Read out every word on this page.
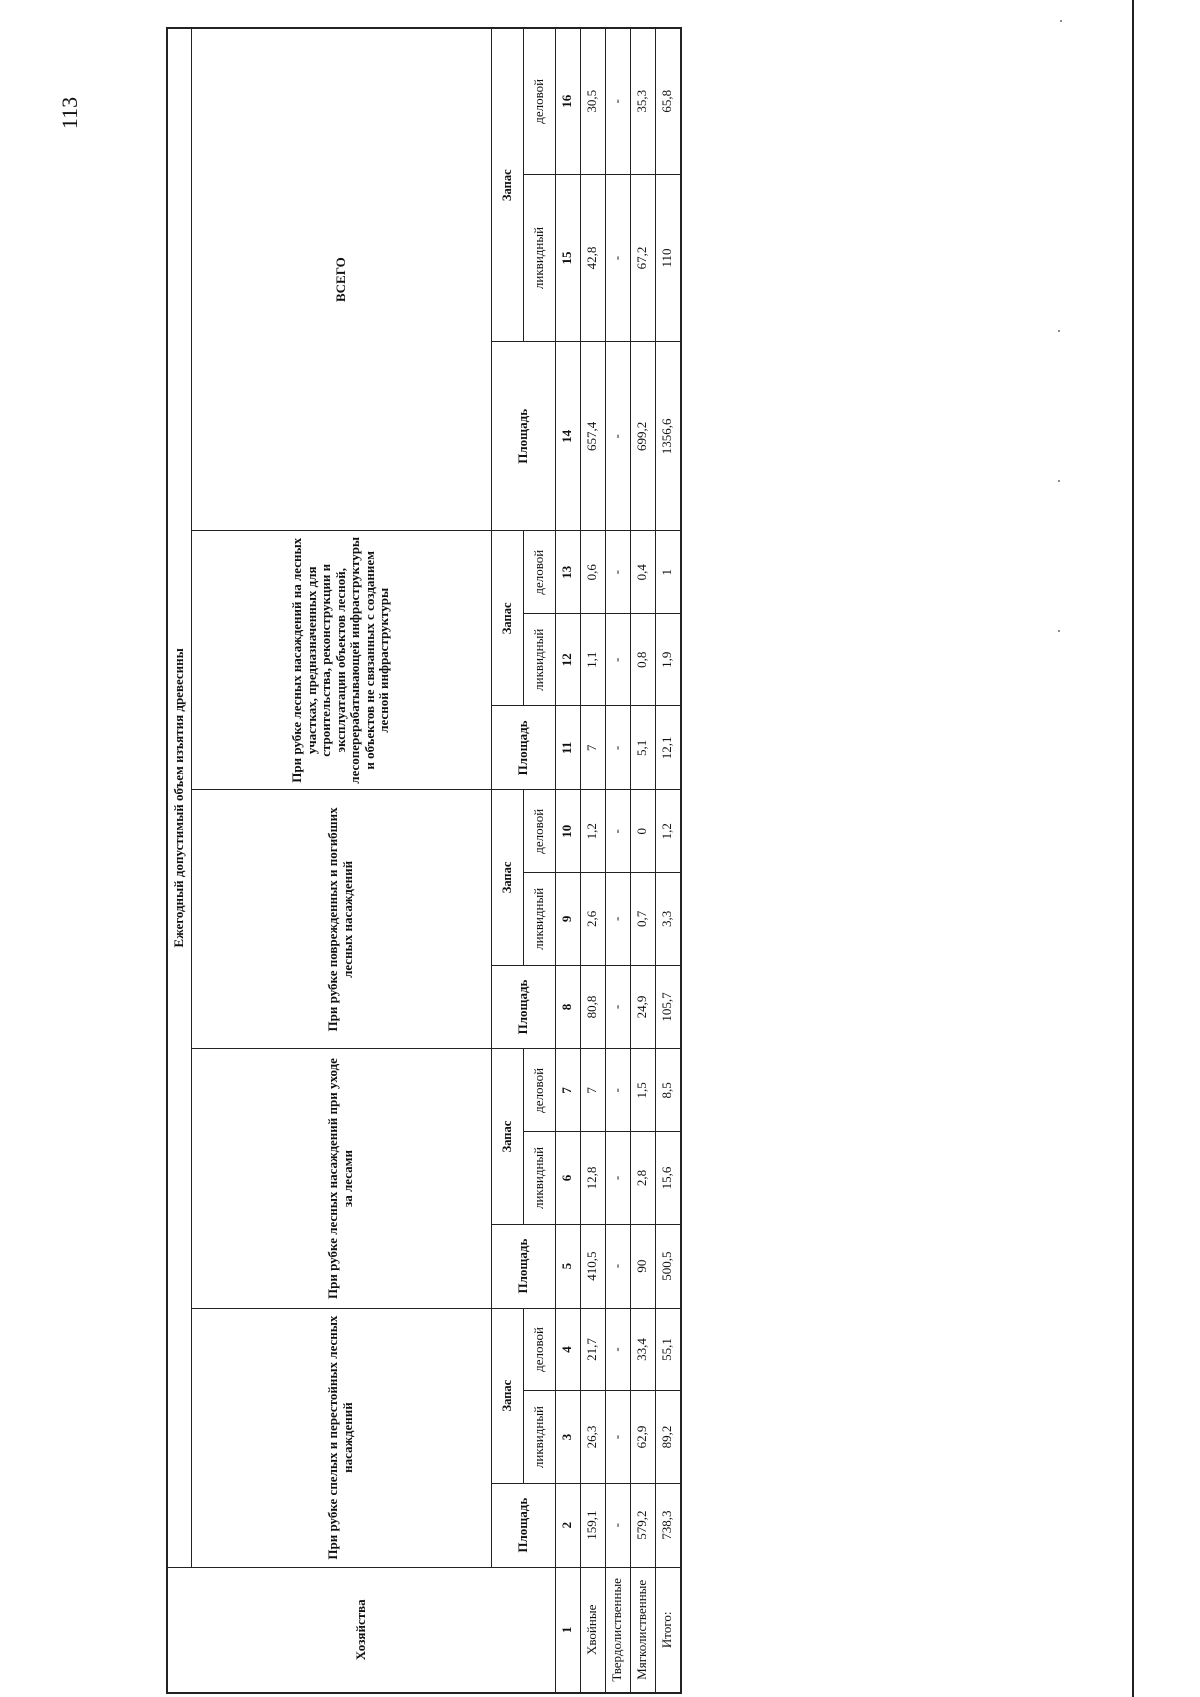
113
Хозяйства	Ежегодный допустимый объем изъятия древесины														
	При рубке спелых и перестойных лесных насаждений			При рубке лесных насаждений при уходе за лесами			При рубке поврежденных и погибших лесных насаждений			При рубке лесных насаждений на лесных участках, предназначенных для строительства, реконструкции и эксплуатации объектов лесной, лесоперерабатывающей инфраструктуры и объектов не связанных с созданием лесной инфраструктуры			ВСЕГО		
	Площадь	Запас		Площадь	Запас		Площадь	Запас		Площадь	Запас		Площадь	Запас	
		ликвидный	деловой		ликвидный	деловой		ликвидный	деловой		ликвидный	деловой		ликвидный	деловой
1	2	3	4	5	6	7	8	9	10	11	12	13	14	15	16
Хвойные	159,1	26,3	21,7	410,5	12,8	7	80,8	2,6	1,2	7	1,1	0,6	657,4	42,8	30,5
Твердолиственные	-	-	-	-	-	-	-	-	-	-	-	-	-	-	-
Мягколиственные	579,2	62,9	33,4	90	2,8	1,5	24,9	0,7	0	5,1	0,8	0,4	699,2	67,2	35,3
Итого:	738,3	89,2	55,1	500,5	15,6	8,5	105,7	3,3	1,2	12,1	1,9	1	1356,6	110	65,8
